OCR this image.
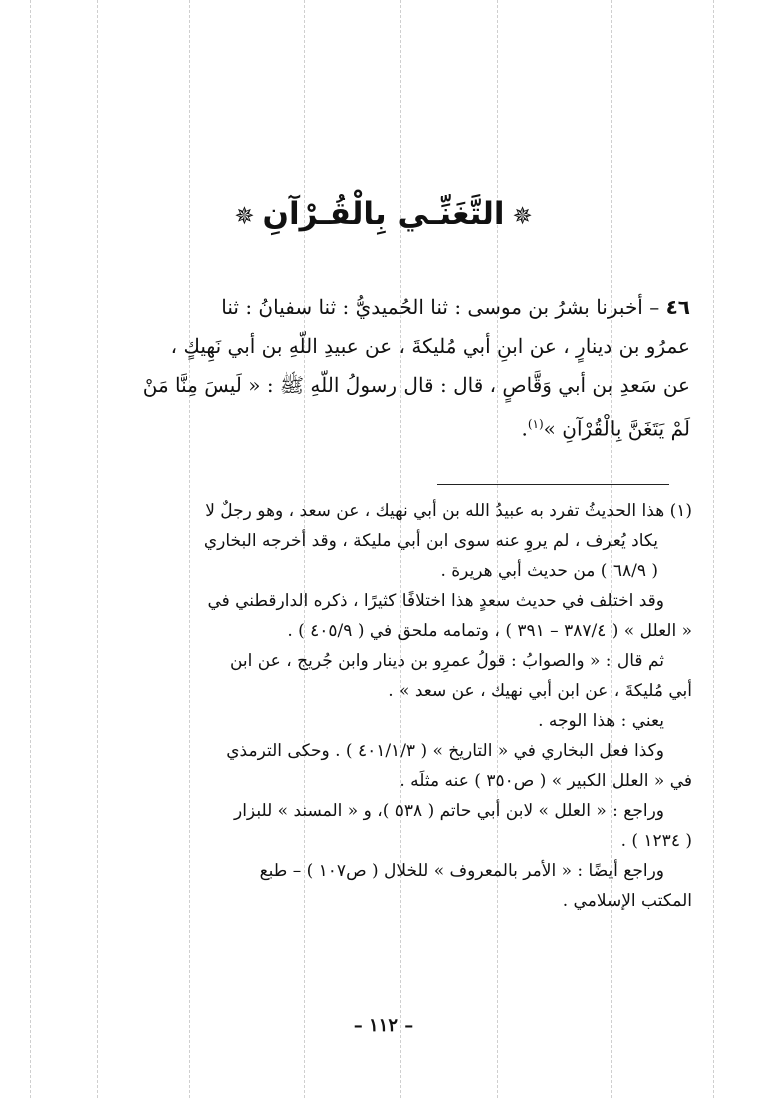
✵التَّغَنِّـي بِالْقُـرْآنِ✵

٤٦ – أخبرنا بشرُ بن موسى : ثنا الحُميديُّ : ثنا سفيانُ : ثنا

عمرُو بن دينارٍ ، عن ابنِ أبي مُليكةَ ، عن عبيدِ اللّهِ بن أبي نَهِيكٍ ،

عن سَعدِ بن أبي وَقَّاصٍ ، قال : قال رسولُ اللّهِ ﷺ : « لَيسَ مِنَّا مَنْ

لَمْ يَتَغَنَّ بِالْقُرْآنِ »$^{(١)}$.

(١) هذا الحديثُ تفرد به عبيدُ الله بن أبي نهيك ، عن سعد ، وهو رجلٌ لا

يكاد يُعرف ، لم يروِ عنه سوى ابن أبي مليكة ، وقد أخرجه البخاري

( ٦٨/٩ ) من حديث أبي هريرة .

وقد اختلف في حديث سعدٍ هذا اختلافًا كثيرًا ، ذكره الدارقطني في

« العلل » ( ٣٨٧/٤ – ٣٩١ ) ، وتمامه ملحق في ( ٤٠٥/٩ ) .

ثم قال : « والصوابُ : قولُ عمرِو بن دينار وابن جُريج ، عن ابن

أبي مُليكةَ ، عن ابن أبي نهيك ، عن سعد » .

يعني : هذا الوجه .

وكذا فعل البخاري في « التاريخ » ( ٤٠١/١/٣ ) . وحكى الترمذي

في « العلل الكبير » ( ص٣٥٠ ) عنه مثلَه .

وراجع : « العلل » لابن أبي حاتم ( ٥٣٨ )، و « المسند » للبزار

( ١٢٣٤ ) .

وراجع أيضًا : « الأمر بالمعروف » للخلال ( ص١٠٧ ) – طبع

المكتب الإسلامي .

– ١١٢ –
